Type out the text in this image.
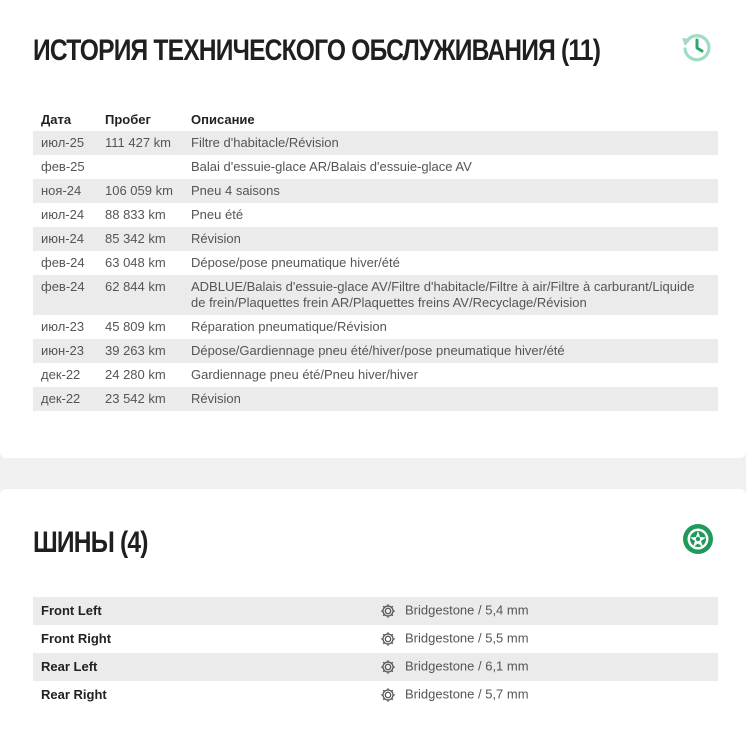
ИСТОРИЯ ТЕХНИЧЕСКОГО ОБСЛУЖИВАНИЯ (11)
Дата	Пробег	Описание
июл-25	111 427 km	Filtre d'habitacle/Révision
фев-25		Balai d'essuie-glace AR/Balais d'essuie-glace AV
ноя-24	106 059 km	Pneu 4 saisons
июл-24	88 833 km	Pneu été
июн-24	85 342 km	Révision
фев-24	63 048 km	Dépose/pose pneumatique hiver/été
фев-24	62 844 km	ADBLUE/Balais d'essuie-glace AV/Filtre d'habitacle/Filtre à air/Filtre à carburant/Liquide de frein/Plaquettes frein AR/Plaquettes freins AV/Recyclage/Révision
июл-23	45 809 km	Réparation pneumatique/Révision
июн-23	39 263 km	Dépose/Gardiennage pneu été/hiver/pose pneumatique hiver/été
дек-22	24 280 km	Gardiennage pneu été/Pneu hiver/hiver
дек-22	23 542 km	Révision
ШИНЫ (4)
Front Left	Bridgestone / 5,4 mm
Front Right	Bridgestone / 5,5 mm
Rear Left	Bridgestone / 6,1 mm
Rear Right	Bridgestone / 5,7 mm
